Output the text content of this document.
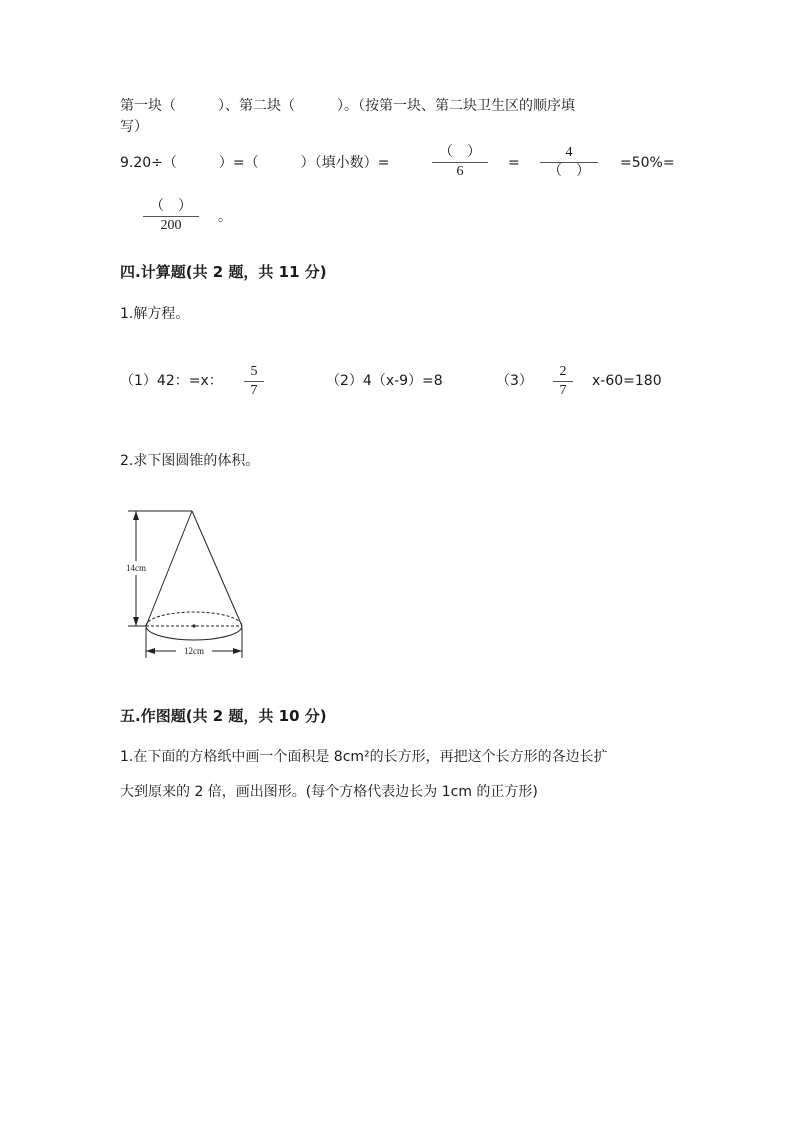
第一块（　　　）、第二块（　　　）。（按第一块、第二块卫生区的顺序填
写）
9.20÷（　　　）=（　　　）（填小数）=
（　）
6
=
4
（　）
=50%=
（　）
200
。
四.计算题(共 2 题，共 11 分)
1.解方程。
（1）42：=x：
5
7
（2）4（x-9）=8	（3）
2
7
x-60=180
2.求下图圆锥的体积。
12cm
14cm
五.作图题(共 2 题，共 10 分)
1.在下面的方格纸中画一个面积是 8cm²的长方形，再把这个长方形的各边长扩
大到原来的 2 倍，画出图形。(每个方格代表边长为 1cm 的正方形)
